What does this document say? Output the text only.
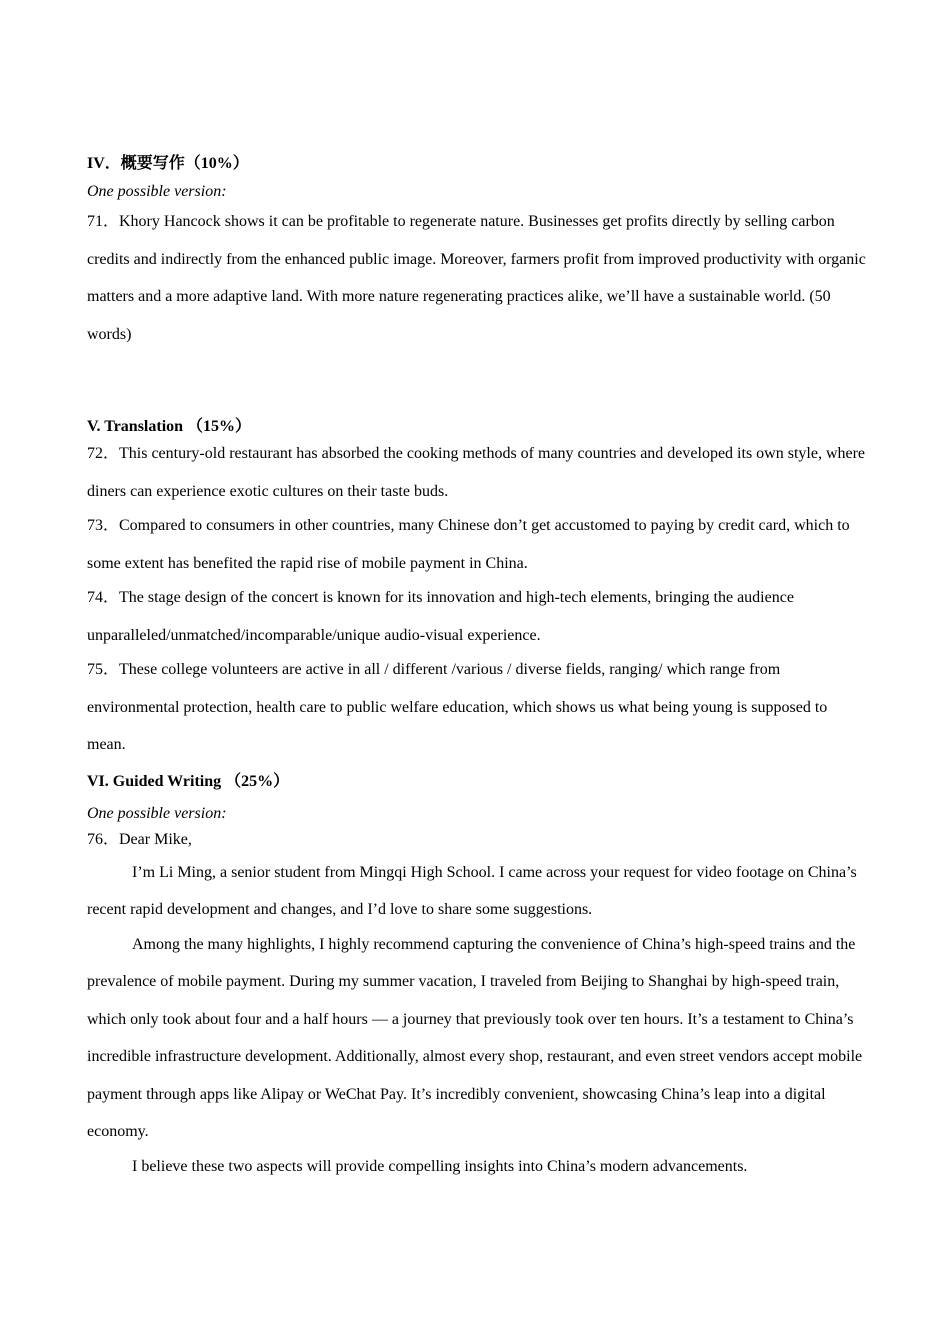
IV．概要写作（10%）

One possible version:

71．Khory Hancock shows it can be profitable to regenerate nature. Businesses get profits directly by selling carbon credits and indirectly from the enhanced public image. Moreover, farmers profit from improved productivity with organic matters and a more adaptive land. With more nature regenerating practices alike, we’ll have a sustainable world. (50 words)

V. Translation （15%）

72．This century-old restaurant has absorbed the cooking methods of many countries and developed its own style, where diners can experience exotic cultures on their taste buds.

73．Compared to consumers in other countries, many Chinese don’t get accustomed to paying by credit card, which to some extent has benefited the rapid rise of mobile payment in China.

74．The stage design of the concert is known for its innovation and high-tech elements, bringing the audience unparalleled/unmatched/incomparable/unique audio-visual experience.

75．These college volunteers are active in all / different /various / diverse fields, ranging/ which range from environmental protection, health care to public welfare education, which shows us what being young is supposed to mean.

VI. Guided Writing （25%）

One possible version:

76．Dear Mike,

I’m Li Ming, a senior student from Mingqi High School. I came across your request for video footage on China’s recent rapid development and changes, and I’d love to share some suggestions.

Among the many highlights, I highly recommend capturing the convenience of China’s high-speed trains and the prevalence of mobile payment. During my summer vacation, I traveled from Beijing to Shanghai by high-speed train, which only took about four and a half hours — a journey that previously took over ten hours. It’s a testament to China’s incredible infrastructure development. Additionally, almost every shop, restaurant, and even street vendors accept mobile payment through apps like Alipay or WeChat Pay. It’s incredibly convenient, showcasing China’s leap into a digital economy.

I believe these two aspects will provide compelling insights into China’s modern advancements.
